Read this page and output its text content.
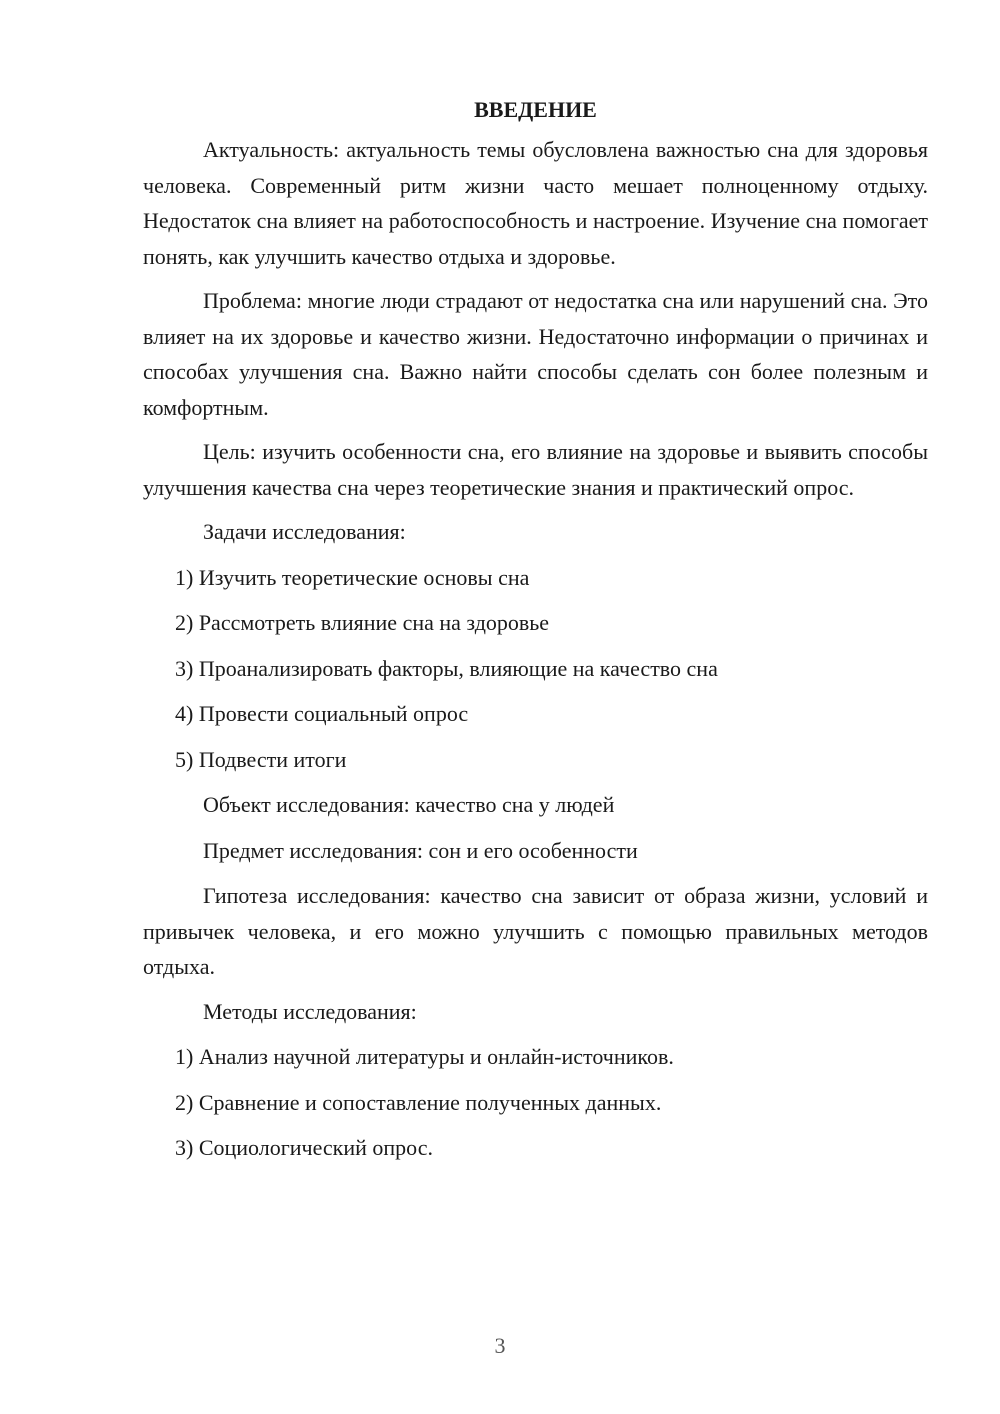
ВВЕДЕНИЕ

Актуальность: актуальность темы обусловлена важностью сна для здоровья человека. Современный ритм жизни часто мешает полноценному отдыху. Недостаток сна влияет на работоспособность и настроение. Изучение сна помогает понять, как улучшить качество отдыха и здоровье.

Проблема: многие люди страдают от недостатка сна или нарушений сна. Это влияет на их здоровье и качество жизни. Недостаточно информации о причинах и способах улучшения сна. Важно найти способы сделать сон более полезным и комфортным.

Цель: изучить особенности сна, его влияние на здоровье и выявить способы улучшения качества сна через теоретические знания и практический опрос.

Задачи исследования:
1) Изучить теоретические основы сна
2) Рассмотреть влияние сна на здоровье
3) Проанализировать факторы, влияющие на качество сна
4) Провести социальный опрос
5) Подвести итоги
Объект исследования: качество сна у людей
Предмет исследования: сон и его особенности

Гипотеза исследования: качество сна зависит от образа жизни, условий и привычек человека, и его можно улучшить с помощью правильных методов отдыха.

Методы исследования:
1) Анализ научной литературы и онлайн-источников.
2) Сравнение и сопоставление полученных данных.
3) Социологический опрос.
3
